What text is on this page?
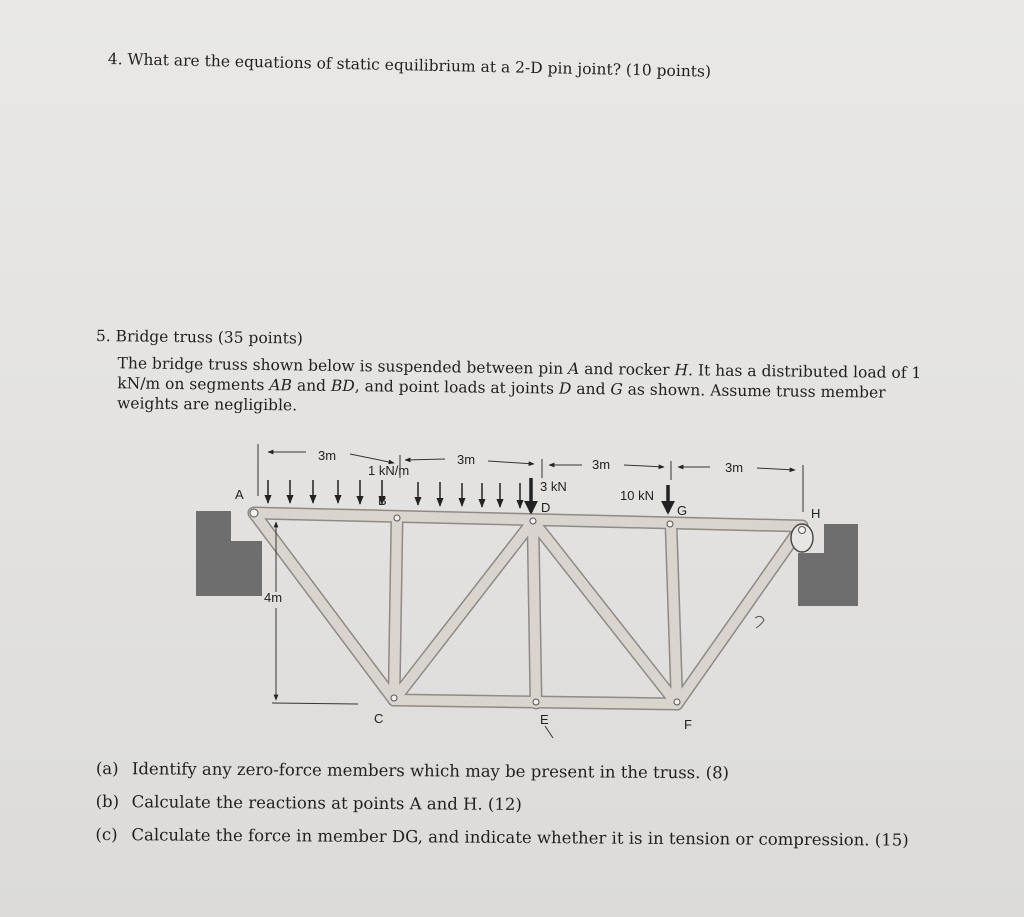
4. What are the equations of static equilibrium at a 2-D pin joint? (10 points)
5. Bridge truss (35 points)
The bridge truss shown below is suspended between pin A and rocker H. It has a distributed load of 1 kN/m on segments AB and BD, and point loads at joints D and G as shown. Assume truss member weights are negligible.
3m	3m	3m	3m
4m
1 kN/m
3 kN
10 kN
A	B
C
D
E	F
G	H
(a) Identify any zero-force members which may be present in the truss. (8)
(b) Calculate the reactions at points A and H. (12)
(c) Calculate the force in member DG, and indicate whether it is in tension or compression. (15)
